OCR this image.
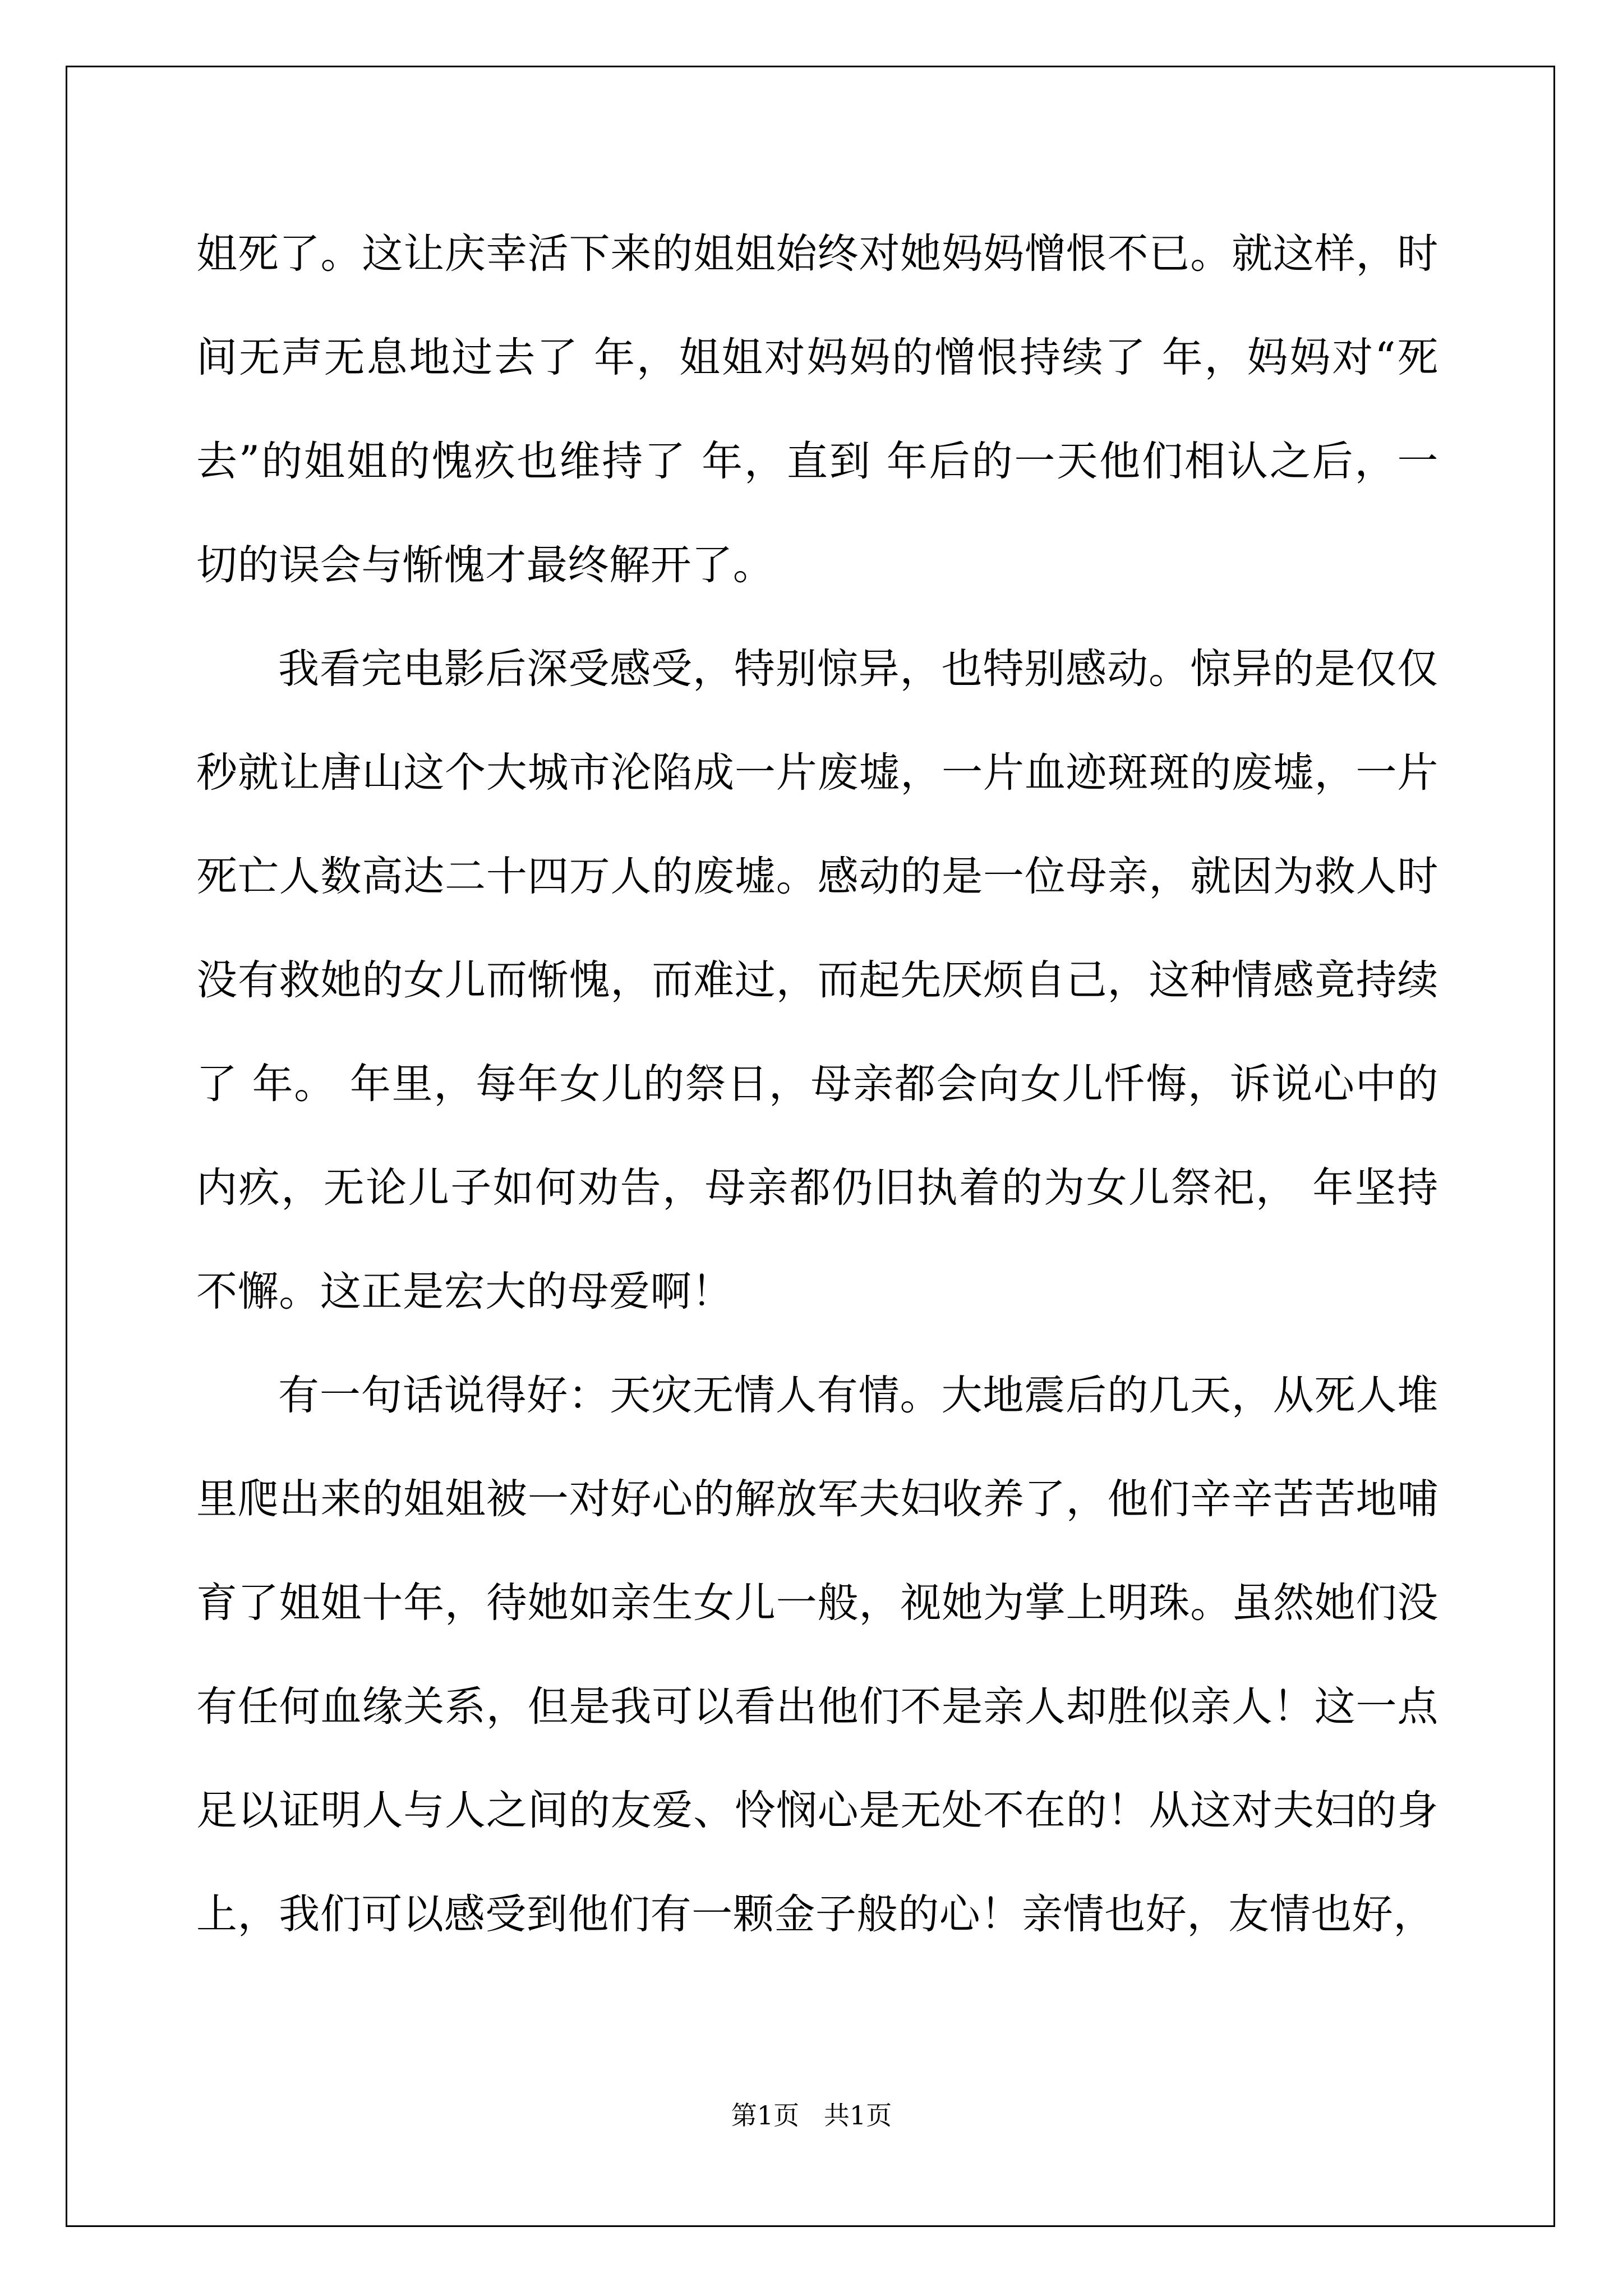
姐死了。这让庆幸活下来的姐姐始终对她妈妈憎恨不已。就这样，时间无声无息地过去了 年，姐姐对妈妈的憎恨持续了 年，妈妈对“死去”的姐姐的愧疚也维持了 年，直到 年后的一天他们相认之后，一切的误会与惭愧才最终解开了。

我看完电影后深受感受，特别惊异，也特别感动。惊异的是仅仅秒就让唐山这个大城市沦陷成一片废墟，一片血迹斑斑的废墟，一片死亡人数高达二十四万人的废墟。感动的是一位母亲，就因为救人时没有救她的女儿而惭愧，而难过，而起先厌烦自己，这种情感竟持续了 年。 年里，每年女儿的祭日，母亲都会向女儿忏悔，诉说心中的内疚，无论儿子如何劝告，母亲都仍旧执着的为女儿祭祀， 年坚持不懈。这正是宏大的母爱啊！

有一句话说得好：天灾无情人有情。大地震后的几天，从死人堆里爬出来的姐姐被一对好心的解放军夫妇收养了，他们辛辛苦苦地哺育了姐姐十年，待她如亲生女儿一般，视她为掌上明珠。虽然她们没有任何血缘关系，但是我可以看出他们不是亲人却胜似亲人！这一点足以证明人与人之间的友爱、怜悯心是无处不在的！从这对夫妇的身上，我们可以感受到他们有一颗金子般的心！亲情也好，友情也好，

第1页   共1页
